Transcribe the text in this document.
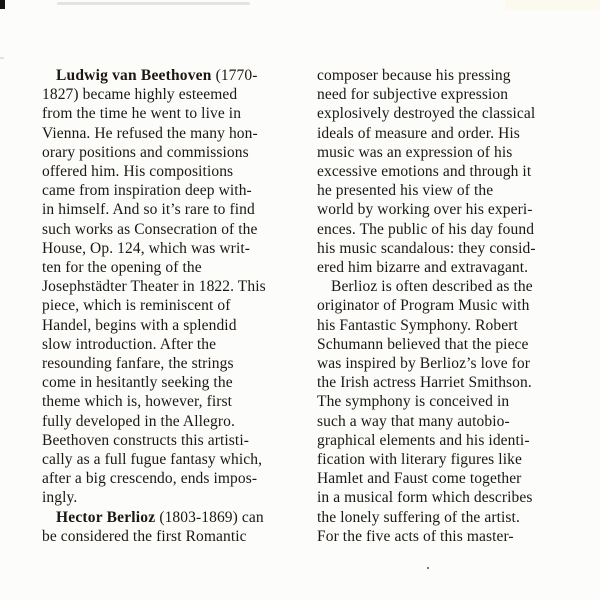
Ludwig van Beethoven (1770-
1827) became highly esteemed
from the time he went to live in
Vienna. He refused the many hon-
orary positions and commissions
offered him. His compositions
came from inspiration deep with-
in himself. And so it’s rare to find
such works as Consecration of the
House, Op. 124, which was writ-
ten for the opening of the
Josephstädter Theater in 1822. This
piece, which is reminiscent of
Handel, begins with a splendid
slow introduction. After the
resounding fanfare, the strings
come in hesitantly seeking the
theme which is, however, first
fully developed in the Allegro.
Beethoven constructs this artisti-
cally as a full fugue fantasy which,
after a big crescendo, ends impos-
ingly.
Hector Berlioz (1803-1869) can
be considered the first Romantic
composer because his pressing
need for subjective expression
explosively destroyed the classical
ideals of measure and order. His
music was an expression of his
excessive emotions and through it
he presented his view of the
world by working over his experi-
ences. The public of his day found
his music scandalous: they consid-
ered him bizarre and extravagant.
Berlioz is often described as the
originator of Program Music with
his Fantastic Symphony. Robert
Schumann believed that the piece
was inspired by Berlioz’s love for
the Irish actress Harriet Smithson.
The symphony is conceived in
such a way that many autobio-
graphical elements and his identi-
fication with literary figures like
Hamlet and Faust come together
in a musical form which describes
the lonely suffering of the artist.
For the five acts of this master-
